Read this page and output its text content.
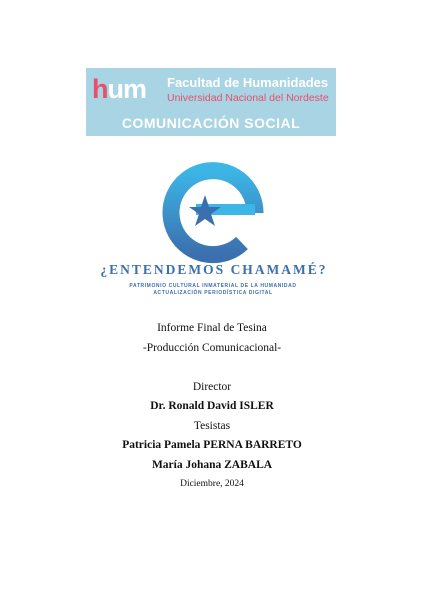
hum Facultad de Humanidades
Universidad Nacional del Nordeste
COMUNICACIÓN SOCIAL
¿ENTENDEMOS CHAMAMÉ?
PATRIMONIO CULTURAL INMATERIAL DE LA HUMANIDAD
ACTUALIZACIÓN PERIODÍSTICA DIGITAL
Informe Final de Tesina
-Producción Comunicacional-
Director
Dr. Ronald David ISLER
Tesistas
Patricia Pamela PERNA BARRETO
María Johana ZABALA
Diciembre, 2024
